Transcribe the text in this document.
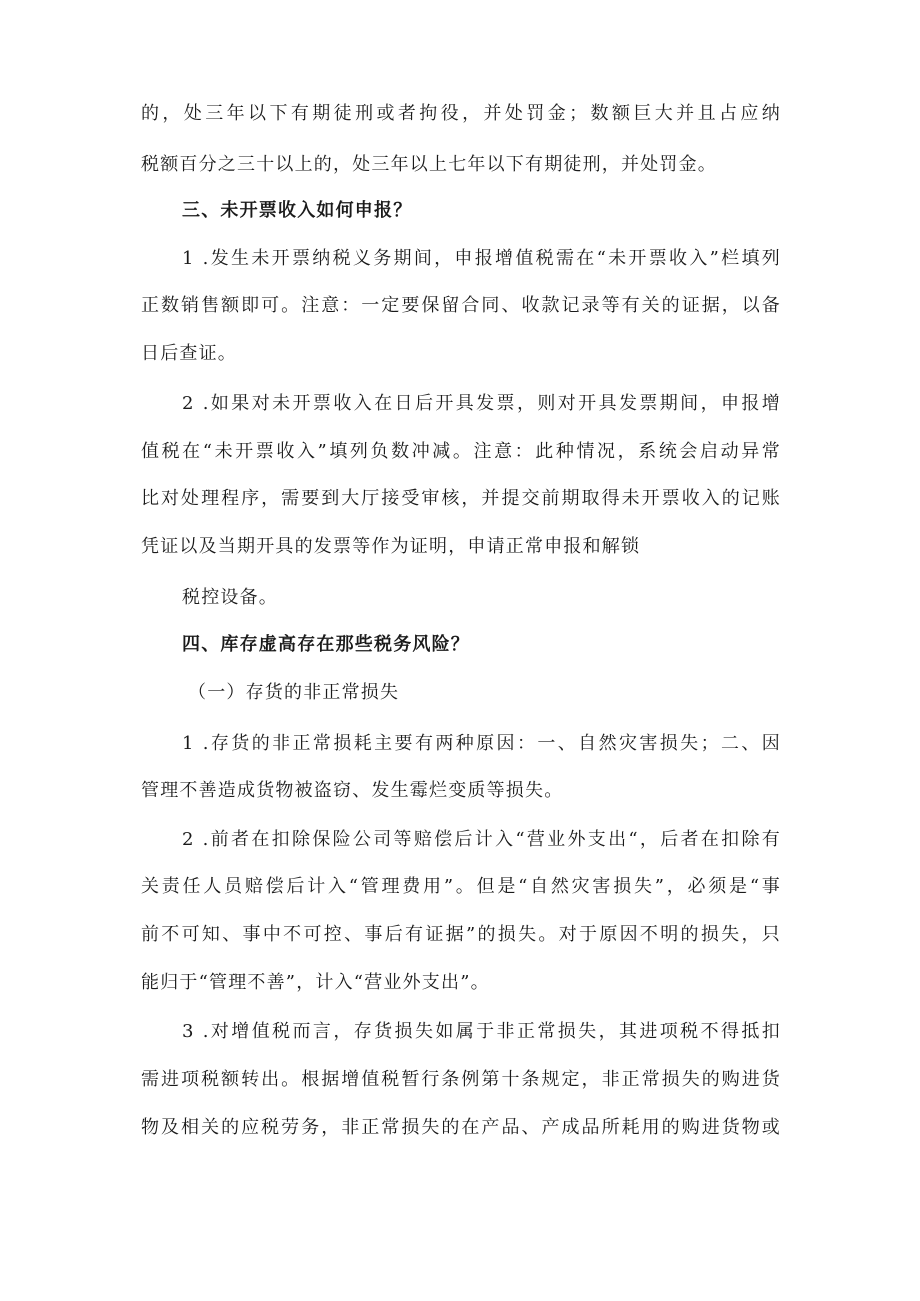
的，处三年以下有期徒刑或者拘役，并处罚金；数额巨大并且占应纳
税额百分之三十以上的，处三年以上七年以下有期徒刑，并处罚金。
三、未开票收入如何申报？
1 .发生未开票纳税义务期间，申报增值税需在“未开票收入”栏填列
正数销售额即可。注意：一定要保留合同、收款记录等有关的证据，以备
日后查证。
2 .如果对未开票收入在日后开具发票，则对开具发票期间，申报增
值税在“未开票收入”填列负数冲减。注意：此种情况，系统会启动异常
比对处理程序，需要到大厅接受审核，并提交前期取得未开票收入的记账
凭证以及当期开具的发票等作为证明，申请正常申报和解锁
税控设备。
四、库存虚高存在那些税务风险？
（一）存货的非正常损失
1 .存货的非正常损耗主要有两种原因：一、自然灾害损失；二、因
管理不善造成货物被盗窃、发生霉烂变质等损失。
2 .前者在扣除保险公司等赔偿后计入“营业外支出“，后者在扣除有
关责任人员赔偿后计入“管理费用”。但是“自然灾害损失”，必须是“事
前不可知、事中不可控、事后有证据”的损失。对于原因不明的损失，只
能归于“管理不善”，计入“营业外支出”。
3 .对增值税而言，存货损失如属于非正常损失，其进项税不得抵扣
需进项税额转出。根据增值税暂行条例第十条规定，非正常损失的购进货
物及相关的应税劳务，非正常损失的在产品、产成品所耗用的购进货物或
